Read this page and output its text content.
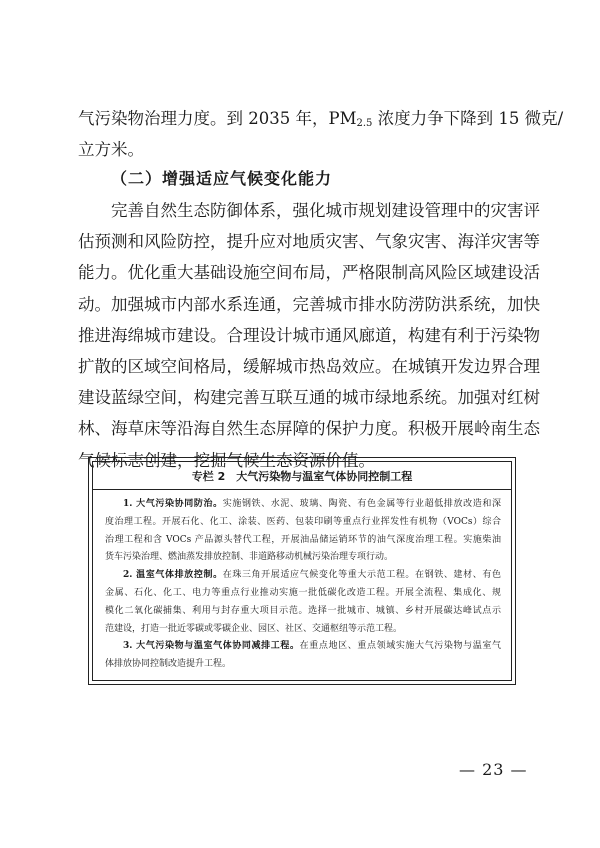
气污染物治理力度。到 2035 年，$PM_{2.5}$ 浓度力争下降到 15 微克/
立方米。
（二）增强适应气候变化能力
完善自然生态防御体系，强化城市规划建设管理中的灾害评
估预测和风险防控，提升应对地质灾害、气象灾害、海洋灾害等
能力。优化重大基础设施空间布局，严格限制高风险区域建设活
动。加强城市内部水系连通，完善城市排水防涝防洪系统，加快
推进海绵城市建设。合理设计城市通风廊道，构建有利于污染物
扩散的区域空间格局，缓解城市热岛效应。在城镇开发边界合理
建设蓝绿空间，构建完善互联互通的城市绿地系统。加强对红树
林、海草床等沿海自然生态屏障的保护力度。积极开展岭南生态
气候标志创建，挖掘气候生态资源价值。
专栏 2　大气污染物与温室气体协同控制工程
1. 大气污染协同防治。实施钢铁、水泥、玻璃、陶瓷、有色金属等行业超低排放改造和深
度治理工程。开展石化、化工、涂装、医药、包装印刷等重点行业挥发性有机物（VOCs）综合
治理工程和含 VOCs 产品源头替代工程，开展油品储运销环节的油气深度治理工程。实施柴油
货车污染治理、燃油蒸发排放控制、非道路移动机械污染治理专项行动。
2. 温室气体排放控制。在珠三角开展适应气候变化等重大示范工程。在钢铁、建材、有色
金属、石化、化工、电力等重点行业推动实施一批低碳化改造工程。开展全流程、集成化、规
模化二氧化碳捕集、利用与封存重大项目示范。选择一批城市、城镇、乡村开展碳达峰试点示
范建设，打造一批近零碳或零碳企业、园区、社区、交通枢纽等示范工程。
3. 大气污染物与温室气体协同减排工程。在重点地区、重点领域实施大气污染物与温室气
体排放协同控制改造提升工程。
— 23 —
